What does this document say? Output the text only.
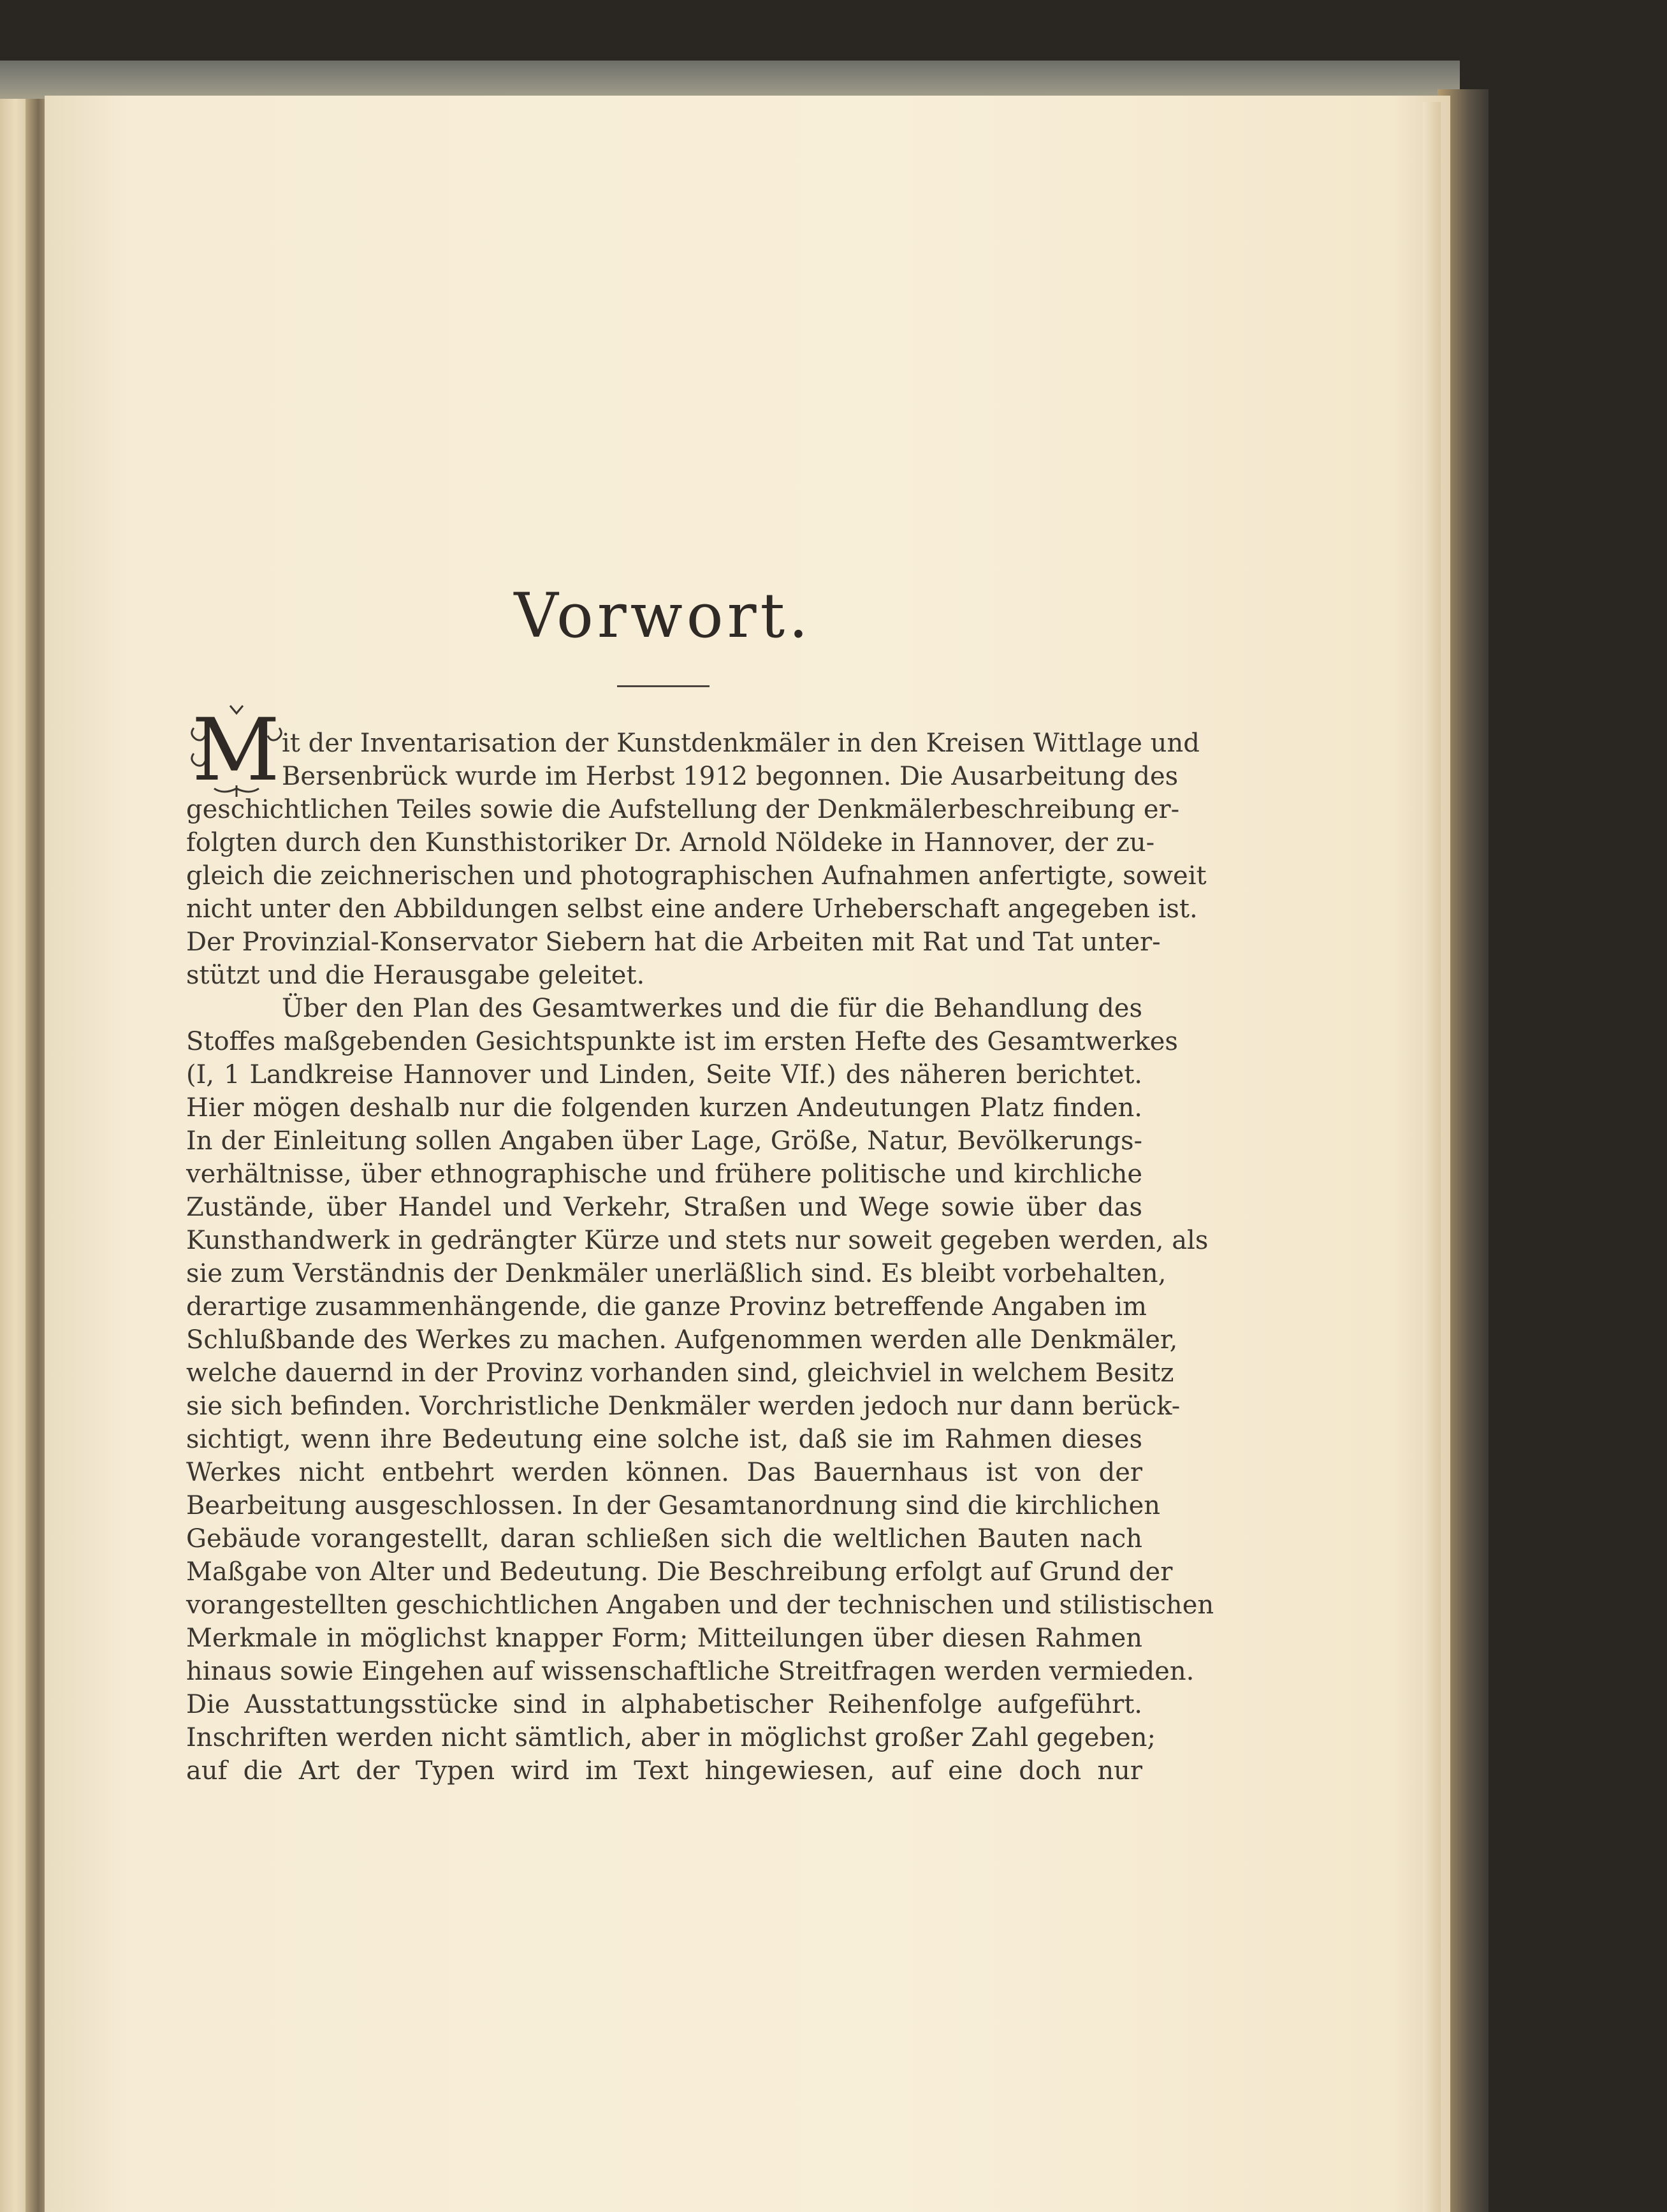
Vorwort.
M it der Inventarisation der Kunstdenkmäler in den Kreisen Wittlage und
Bersenbrück wurde im Herbst 1912 begonnen. Die Ausarbeitung des
geschichtlichen Teiles sowie die Aufstellung der Denkmälerbeschreibung er-
folgten durch den Kunsthistoriker Dr. Arnold Nöldeke in Hannover, der zu-
gleich die zeichnerischen und photographischen Aufnahmen anfertigte, soweit
nicht unter den Abbildungen selbst eine andere Urheberschaft angegeben ist.
Der Provinzial-Konservator Siebern hat die Arbeiten mit Rat und Tat unter-
stützt und die Herausgabe geleitet.
Über den Plan des Gesamtwerkes und die für die Behandlung des
Stoffes maßgebenden Gesichtspunkte ist im ersten Hefte des Gesamtwerkes
(I, 1 Landkreise Hannover und Linden, Seite VIf.) des näheren berichtet.
Hier mögen deshalb nur die folgenden kurzen Andeutungen Platz finden.
In der Einleitung sollen Angaben über Lage, Größe, Natur, Bevölkerungs-
verhältnisse, über ethnographische und frühere politische und kirchliche
Zustände, über Handel und Verkehr, Straßen und Wege sowie über das
Kunsthandwerk in gedrängter Kürze und stets nur soweit gegeben werden, als
sie zum Verständnis der Denkmäler unerläßlich sind. Es bleibt vorbehalten,
derartige zusammenhängende, die ganze Provinz betreffende Angaben im
Schlußbande des Werkes zu machen. Aufgenommen werden alle Denkmäler,
welche dauernd in der Provinz vorhanden sind, gleichviel in welchem Besitz
sie sich befinden. Vorchristliche Denkmäler werden jedoch nur dann berück-
sichtigt, wenn ihre Bedeutung eine solche ist, daß sie im Rahmen dieses
Werkes nicht entbehrt werden können. Das Bauernhaus ist von der
Bearbeitung ausgeschlossen. In der Gesamtanordnung sind die kirchlichen
Gebäude vorangestellt, daran schließen sich die weltlichen Bauten nach
Maßgabe von Alter und Bedeutung. Die Beschreibung erfolgt auf Grund der
vorangestellten geschichtlichen Angaben und der technischen und stilistischen
Merkmale in möglichst knapper Form; Mitteilungen über diesen Rahmen
hinaus sowie Eingehen auf wissenschaftliche Streitfragen werden vermieden.
Die Ausstattungsstücke sind in alphabetischer Reihenfolge aufgeführt.
Inschriften werden nicht sämtlich, aber in möglichst großer Zahl gegeben;
auf die Art der Typen wird im Text hingewiesen, auf eine doch nur
